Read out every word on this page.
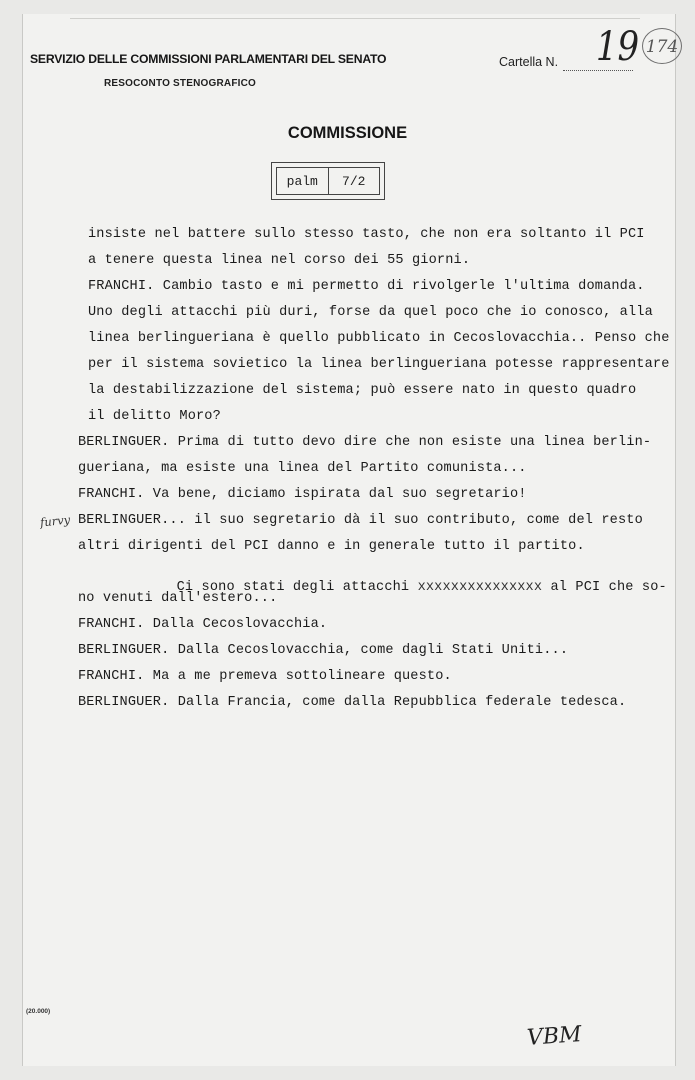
SERVIZIO DELLE COMMISSIONI PARLAMENTARI DEL SENATO
RESOCONTO STENOGRAFICO
Cartella N. 19 174
COMMISSIONE
palm	7/2
insiste nel battere sullo stesso tasto, che non era soltanto il PCI
a tenere questa linea nel corso dei 55 giorni.
FRANCHI. Cambio tasto e mi permetto di rivolgerle l'ultima domanda.
Uno degli attacchi più duri, forse da quel poco che io conosco, alla
linea berlingueriana è quello pubblicato in Cecoslovacchia.. Penso che
per il sistema sovietico la linea berlingueriana potesse rappresentare
la destabilizzazione del sistema; può essere nato in questo quadro
il delitto Moro?
BERLINGUER. Prima di tutto devo dire che non esiste una linea berlin-
gueriana, ma esiste una linea del Partito comunista...
FRANCHI. Va bene, diciamo ispirata dal suo segretario!
BERLINGUER... il suo segretario dà il suo contributo, come del resto
altri dirigenti del PCI danno e in generale tutto il partito.

Ci sono stati degli attacchi xxxxxxxxxxxxxxx al PCI che so-

no venuti dall'estero...
FRANCHI. Dalla Cecoslovacchia.
BERLINGUER. Dalla Cecoslovacchia, come dagli Stati Uniti...
FRANCHI. Ma a me premeva sottolineare questo.
BERLINGUER. Dalla Francia, come dalla Repubblica federale tedesca.
furvy
(20.000)
VBM
